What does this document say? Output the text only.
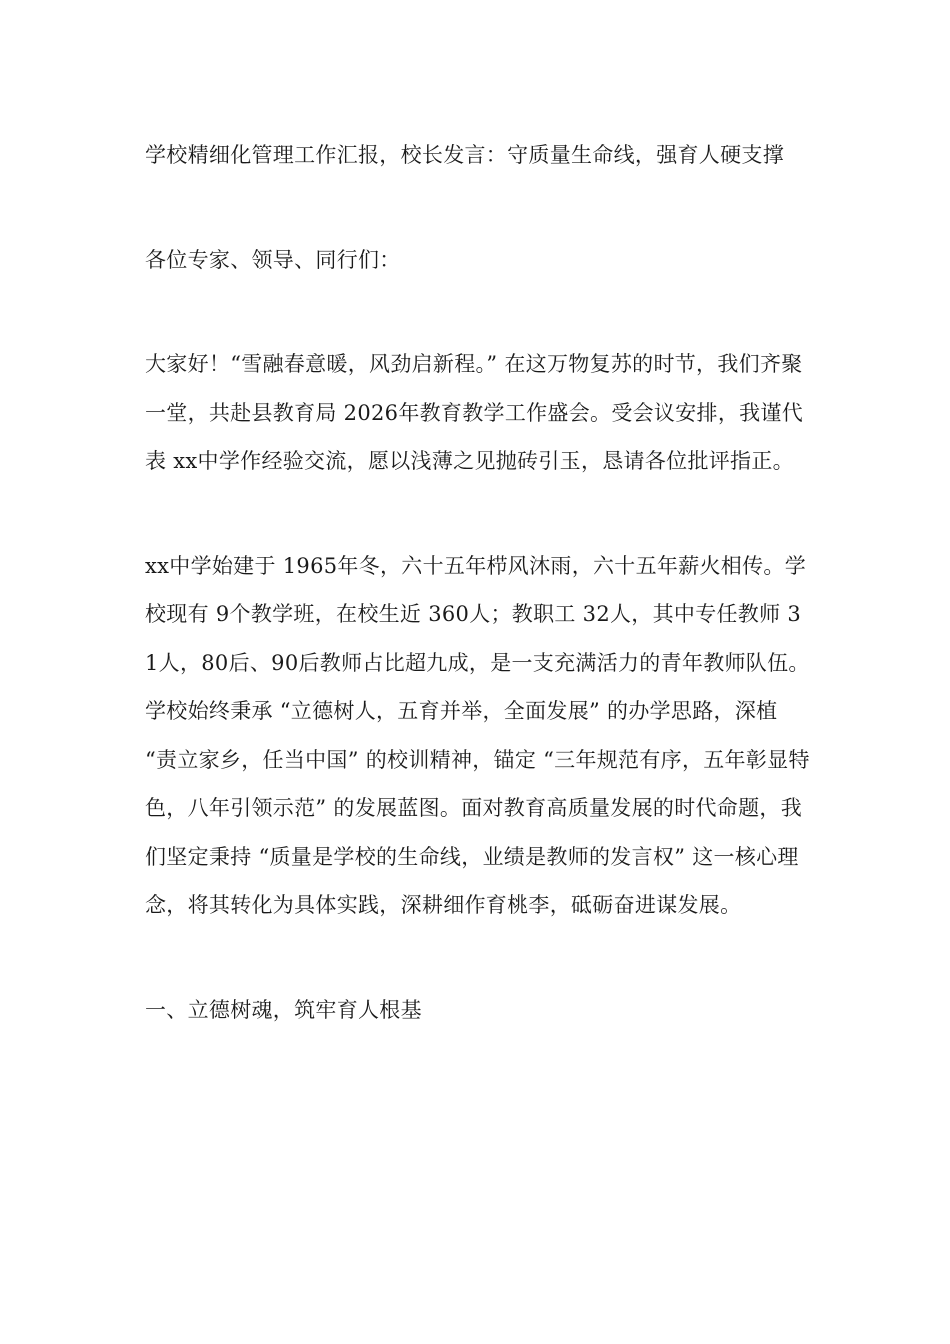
学校精细化管理工作汇报，校长发言：守质量生命线，强育人硬支撑

各位专家、领导、同行们：

大家好！“雪融春意暖，风劲启新程。” 在这万物复苏的时节，我们齐聚一堂，共赴县教育局 2026年教育教学工作盛会。受会议安排，我谨代表 xx中学作经验交流，愿以浅薄之见抛砖引玉，恳请各位批评指正。

xx中学始建于 1965年冬，六十五年栉风沐雨，六十五年薪火相传。学校现有 9个教学班，在校生近 360人；教职工 32人，其中专任教师 31人，80后、90后教师占比超九成，是一支充满活力的青年教师队伍。学校始终秉承 “立德树人，五育并举，全面发展” 的办学思路，深植 “责立家乡，任当中国” 的校训精神，锚定 “三年规范有序，五年彰显特色，八年引领示范” 的发展蓝图。面对教育高质量发展的时代命题，我们坚定秉持 “质量是学校的生命线，业绩是教师的发言权” 这一核心理念，将其转化为具体实践，深耕细作育桃李，砥砺奋进谋发展。

一、立德树魂，筑牢育人根基
